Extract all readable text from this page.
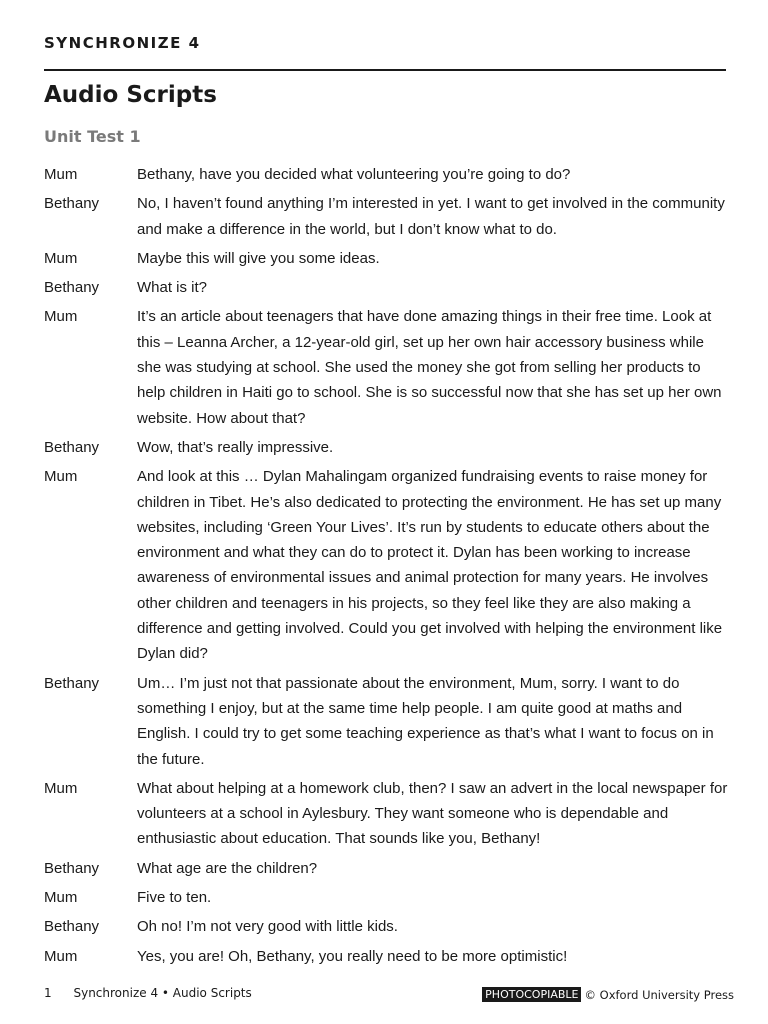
SYNCHRONIZE 4
Audio Scripts
Unit Test 1
Mum	Bethany, have you decided what volunteering you’re going to do?
Bethany	No, I haven’t found anything I’m interested in yet. I want to get involved in the community and make a difference in the world, but I don’t know what to do.
Mum	Maybe this will give you some ideas.
Bethany	What is it?
Mum	It’s an article about teenagers that have done amazing things in their free time. Look at this – Leanna Archer, a 12-year-old girl, set up her own hair accessory business while she was studying at school. She used the money she got from selling her products to help children in Haiti go to school. She is so successful now that she has set up her own website. How about that?
Bethany	Wow, that’s really impressive.
Mum	And look at this … Dylan Mahalingam organized fundraising events to raise money for children in Tibet. He’s also dedicated to protecting the environment. He has set up many websites, including ‘Green Your Lives’. It’s run by students to educate others about the environment and what they can do to protect it. Dylan has been working to increase awareness of environmental issues and animal protection for many years. He involves other children and teenagers in his projects, so they feel like they are also making a difference and getting involved. Could you get involved with helping the environment like Dylan did?
Bethany	Um… I’m just not that passionate about the environment, Mum, sorry. I want to do something I enjoy, but at the same time help people. I am quite good at maths and English. I could try to get some teaching experience as that’s what I want to focus on in the future.
Mum	What about helping at a homework club, then? I saw an advert in the local newspaper for volunteers at a school in Aylesbury. They want someone who is dependable and enthusiastic about education. That sounds like you, Bethany!
Bethany	What age are the children?
Mum	Five to ten.
Bethany	Oh no! I’m not very good with little kids.
Mum	Yes, you are! Oh, Bethany, you really need to be more optimistic!
1 Synchronize 4 • Audio Scripts	PHOTOCOPIABLE © Oxford University Press
